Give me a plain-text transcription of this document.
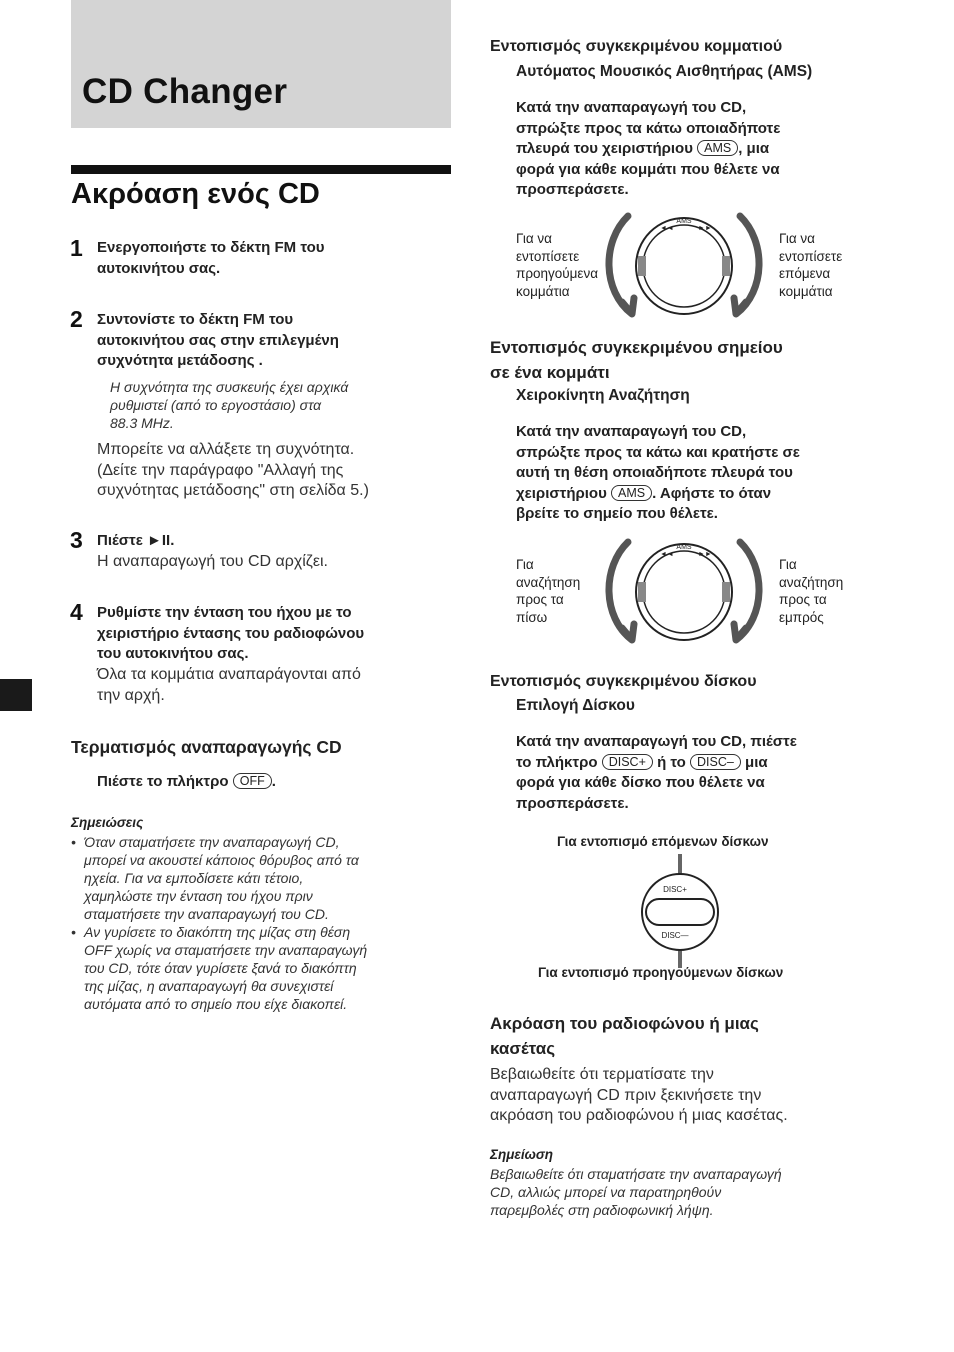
CD Changer
Ακρόαση ενός CD
1 Ενεργοποιήστε το δέκτη FM του
αυτοκινήτου σας.
2 Συντονίστε το δέκτη FM του
αυτοκινήτου σας στην επιλεγμένη
συχνότητα μετάδοσης .
Η συχνότητα της συσκευής έχει αρχικά
ρυθμιστεί (από το εργοστάσιο) στα
88.3 MHz.
Μπορείτε να αλλάξετε τη συχνότητα.
(Δείτε την παράγραφο "Αλλαγή της
συχνότητας μετάδοσης" στη σελίδα 5.)
3 Πιέστε ►II.
Η αναπαραγωγή του CD αρχίζει.
4 Ρυθμίστε την ένταση του ήχου με το
χειριστήριο έντασης του ραδιοφώνου
του αυτοκινήτου σας.
Όλα τα κομμάτια αναπαράγονται από
την αρχή.
Τερματισμός αναπαραγωγής CD
Πιέστε το πλήκτρο OFF .
Σημειώσεις
• Όταν σταματήσετε την αναπαραγωγή CD,
μπορεί να ακουστεί κάποιος θόρυβος από τα
ηχεία. Για να εμποδίσετε κάτι τέτοιο,
χαμηλώστε την ένταση του ήχου πριν
σταματήσετε την αναπαραγωγή του CD.
• Αν γυρίσετε το διακόπτη της μίζας στη θέση
OFF χωρίς να σταματήσετε την αναπαραγωγή
του CD, τότε όταν γυρίσετε ξανά το διακόπτη
της μίζας, η αναπαραγωγή θα συνεχιστεί
αυτόματα από το σημείο που είχε διακοπεί.
Εντοπισμός συγκεκριμένου κομματιού
Αυτόματος Μουσικός Αισθητήρας (AMS)
Κατά την αναπαραγωγή του CD,
σπρώξτε προς τα κάτω οποιαδήποτε
πλευρά του χειριστήριου AMS , μια
φορά για κάθε κομμάτι που θέλετε να
προσπεράσετε.
Για να
εντοπίσετε
προηγούμενα
κομμάτια
Για να
εντοπίσετε
επόμενα
κομμάτια
AMS
◄◄	►►
Εντοπισμός συγκεκριμένου σημείου
σε ένα κομμάτι
Χειροκίνητη Αναζήτηση
Κατά την αναπαραγωγή του CD,
σπρώξτε προς τα κάτω και κρατήστε σε
αυτή τη θέση οποιαδήποτε πλευρά του
χειριστήριου AMS . Αφήστε το όταν
βρείτε το σημείο που θέλετε.
Για
αναζήτηση
προς τα
πίσω
Για
αναζήτηση
προς τα
εμπρός
AMS
◄◄	►►
Εντοπισμός συγκεκριμένου δίσκου
Επιλογή Δίσκου
Κατά την αναπαραγωγή του CD, πιέστε
το πλήκτρο DISC+ ή το DISC– μια
φορά για κάθε δίσκο που θέλετε να
προσπεράσετε.
Για εντοπισμό επόμενων δίσκων
DISC+
DISC—
Για εντοπισμό προηγούμενων δίσκων
Ακρόαση του ραδιοφώνου ή μιας
κασέτας
Βεβαιωθείτε ότι τερματίσατε την
αναπαραγωγή CD πριν ξεκινήσετε την
ακρόαση του ραδιοφώνου ή μιας κασέτας.
Σημείωση
Βεβαιωθείτε ότι σταματήσατε την αναπαραγωγή
CD, αλλιώς μπορεί να παρατηρηθούν
παρεμβολές στη ραδιοφωνική λήψη.
